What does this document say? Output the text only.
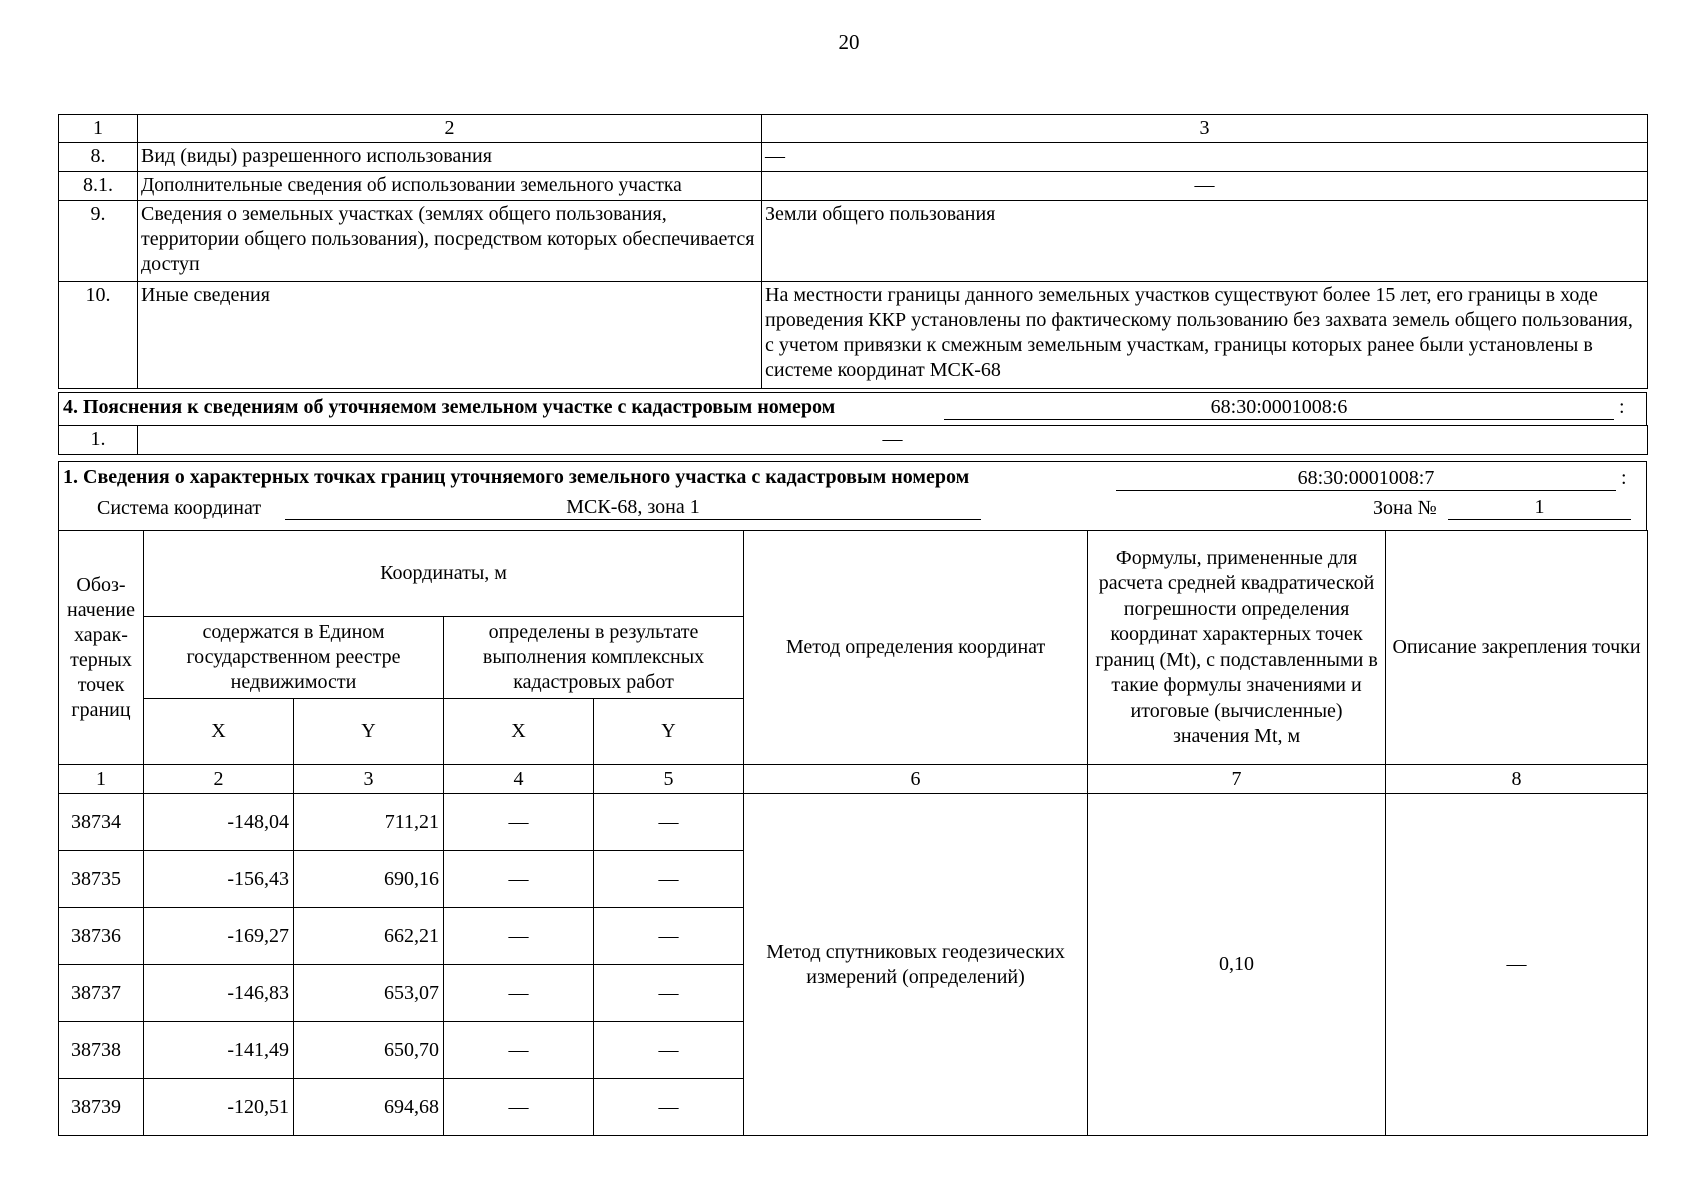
20
1	2	3
8.	Вид (виды) разрешенного использования	—
8.1.	Дополнительные сведения об использовании земельного участка	—
9.	Сведения о земельных участках (землях общего пользования, территории общего пользования), посредством которых обеспечивается доступ	Земли общего пользования
10.	Иные сведения	На местности границы данного земельных участков существуют более 15 лет, его границы в ходе проведения ККР установлены по фактическому пользованию без захвата земель общего пользования, с учетом привязки к смежным земельным участкам, границы которых ранее были установлены в системе координат МСК-68
4. Пояснения к сведениям об уточняемом земельном участке с кадастровым номером	68:30:0001008:6	:
1.	—
1. Сведения о характерных точках границ уточняемого земельного участка с кадастровым номером	68:30:0001008:7	:
Система координат	МСК-68, зона 1	Зона №	1
Обоз-начение харак-терных точек границ	Координаты, м				Метод определения координат	Формулы, примененные для расчета средней квадратической погрешности определения координат характерных точек границ (Mt), с подставленными в такие формулы значениями и итоговые (вычисленные) значения Mt, м	Описание закрепления точки
	содержатся в Едином государственном реестре недвижимости		определены в результате выполнения комплексных кадастровых работ				
	X	Y	X	Y			
1	2	3	4	5	6	7	8
38734	-148,04	711,21	—	—	Метод спутниковых геодезических измерений (определений)	0,10	—
38735	-156,43	690,16	—	—			
38736	-169,27	662,21	—	—			
38737	-146,83	653,07	—	—			
38738	-141,49	650,70	—	—			
38739	-120,51	694,68	—	—			
